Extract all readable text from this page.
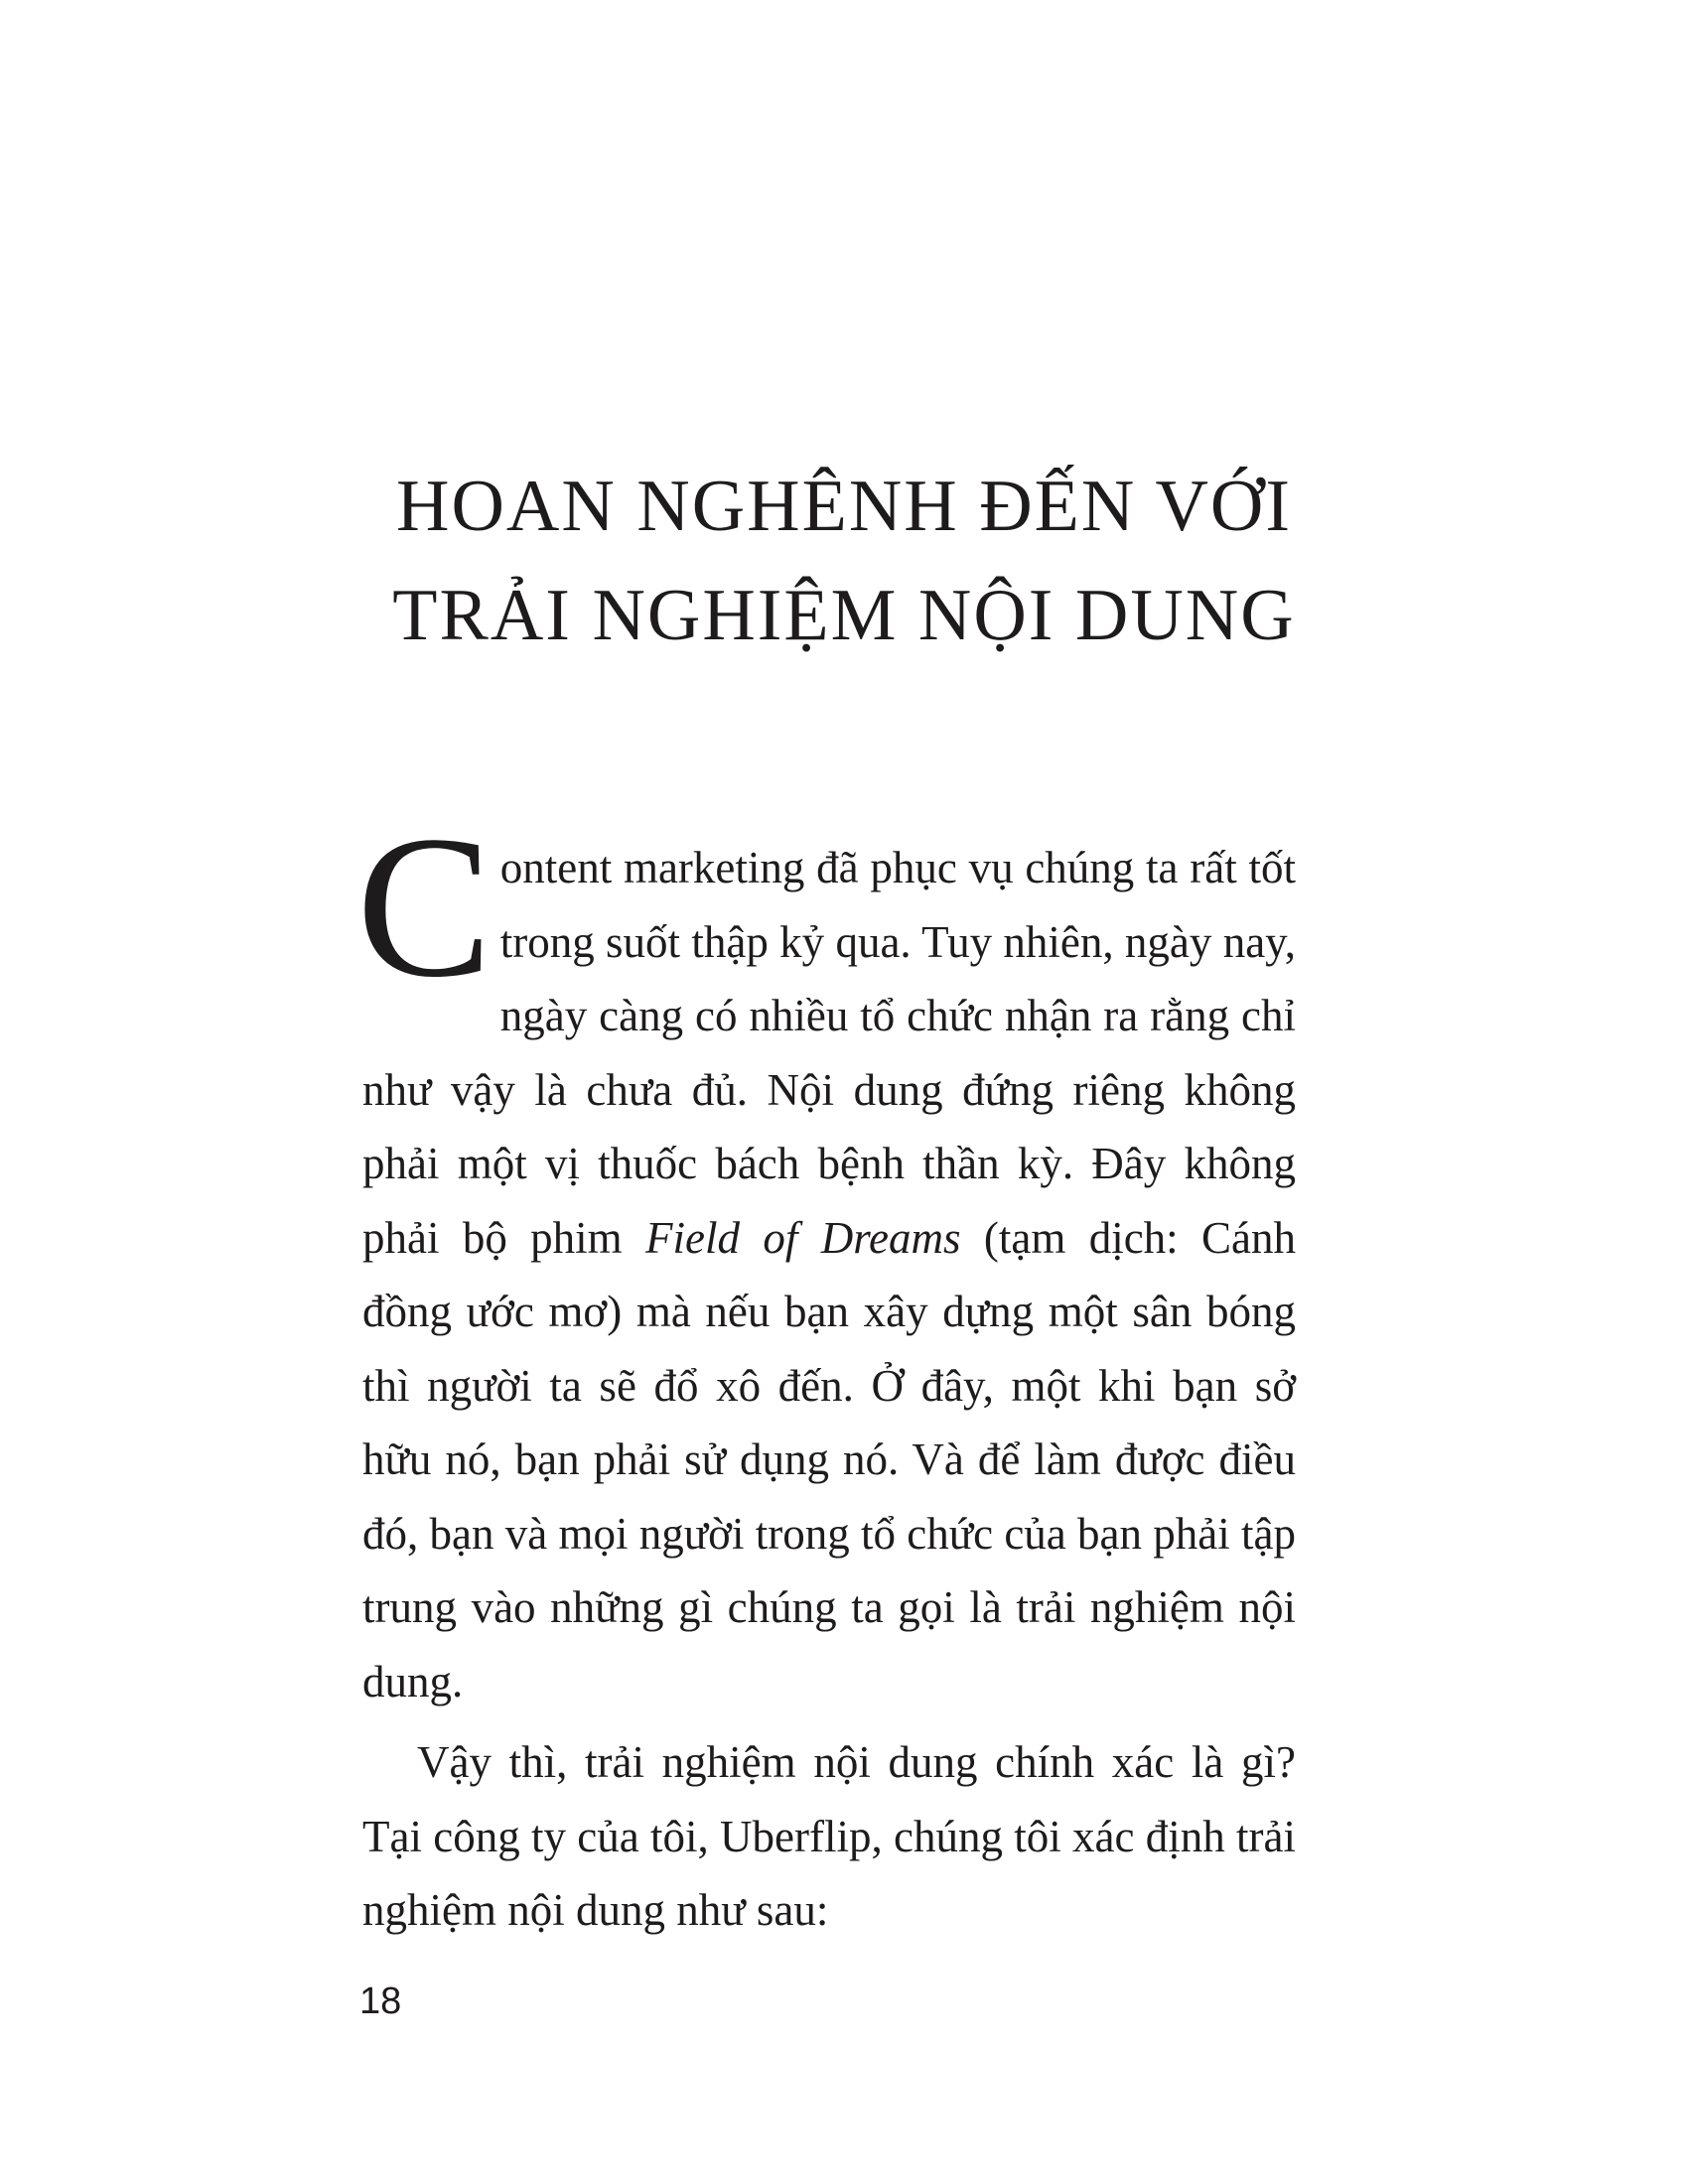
HOAN NGHÊNH ĐẾN VỚI
TRẢI NGHIỆM NỘI DUNG

Content marketing đã phục vụ chúng ta rất tốt trong suốt thập kỷ qua. Tuy nhiên, ngày nay, ngày càng có nhiều tổ chức nhận ra rằng chỉ như vậy là chưa đủ. Nội dung đứng riêng không phải một vị thuốc bách bệnh thần kỳ. Đây không phải bộ phim Field of Dreams (tạm dịch: Cánh đồng ước mơ) mà nếu bạn xây dựng một sân bóng thì người ta sẽ đổ xô đến. Ở đây, một khi bạn sở hữu nó, bạn phải sử dụng nó. Và để làm được điều đó, bạn và mọi người trong tổ chức của bạn phải tập trung vào những gì chúng ta gọi là trải nghiệm nội dung.

Vậy thì, trải nghiệm nội dung chính xác là gì? Tại công ty của tôi, Uberflip, chúng tôi xác định trải nghiệm nội dung như sau:

18
